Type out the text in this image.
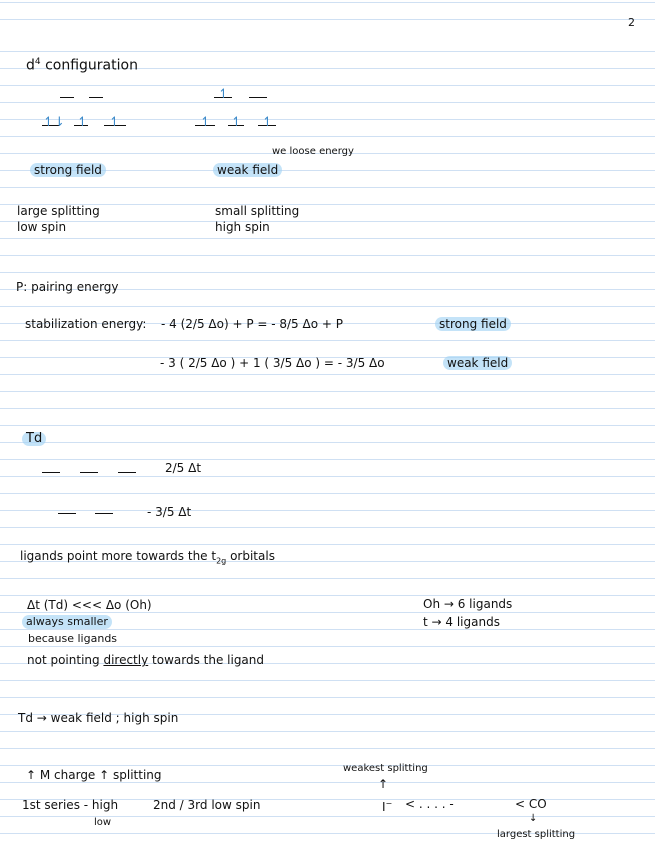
2
$d^4$ configuration
↿⇂ ↿ ↿
↿
↿ ↿ ↿
we loose energy
strong field	weak field
large splitting
low spin
small splitting
high spin
P: pairing energy
stabilization energy: - 4 (2/5 Δo) + P = - 8/5 Δo + P	strong field
- 3 ( 2/5 Δo ) + 1 ( 3/5 Δo ) = - 3/5 Δo	weak field
Td
2/5 Δt
- 3/5 Δt
ligands point more towards the $t_{2g}$ orbitals
Δt (Td) <<< Δo (Oh)
always smaller
because ligands
not pointing directly towards the ligand
Oh → 6 ligands
t → 4 ligands
Td → weak field ; high spin
↑ M charge ↑ splitting
1st series - high
low
2nd / 3rd low spin
weakest splitting
↑
I− < . . . . -	< CO
↓
largest splitting
